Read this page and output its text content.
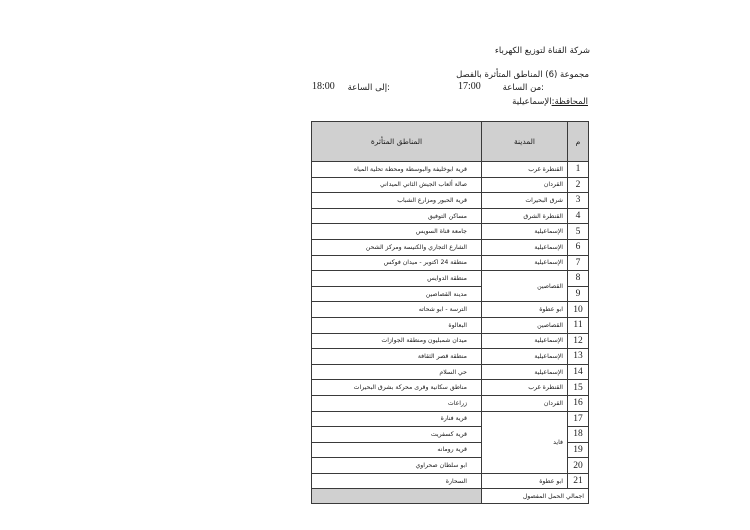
شركة القناة لتوزيع الكهرباء
مجموعة (6) المناطق المتأثرة بالفصل
من الساعة:
17:00
إلى الساعة:
18:00
المحافظة:الإسماعيلية
م	المدينة	المناطق المتأثرة
1	القنطرة غرب	قرية ابوخليفة والبوسطة ومحطة تحلية المياه
2	القردان	صالة ألعاب الجيش الثاني الميداني
3	شرق البحيرات	قرية الحبور ومزارع الشباب
4	القنطرة الشرق	مساكن التوفيق
5	الإسماعيلية	جامعة قناة السويس
6	الإسماعيلية	الشارع التجاري والكنيسة ومركز الشحن
7	الإسماعيلية	منطقة 24 اكتوبر - ميدان فوكس
8	القصاصين	منطقة الدوايس
9		مدينة القصاصين
10	ابو عطوة	الترسة - ابو شحاته
11	القصاصين	البعالوة
12	الإسماعيلية	ميدان شمبليون ومنطقة الجوازات
13	الإسماعيلية	منطقة قصر الثقافة
14	الإسماعيلية	حي السلام
15	القنطرة غرب	مناطق سكانية وقرى محركة بشرق البحيرات
16	القردان	زراعات
17	فايد	قرية فنارة
18		قرية كسفريت
19		قرية رومانه
20		ابو سلطان صحراوي
21	ابو عطوة	السحارة
اجمالي الحمل المفصول		
